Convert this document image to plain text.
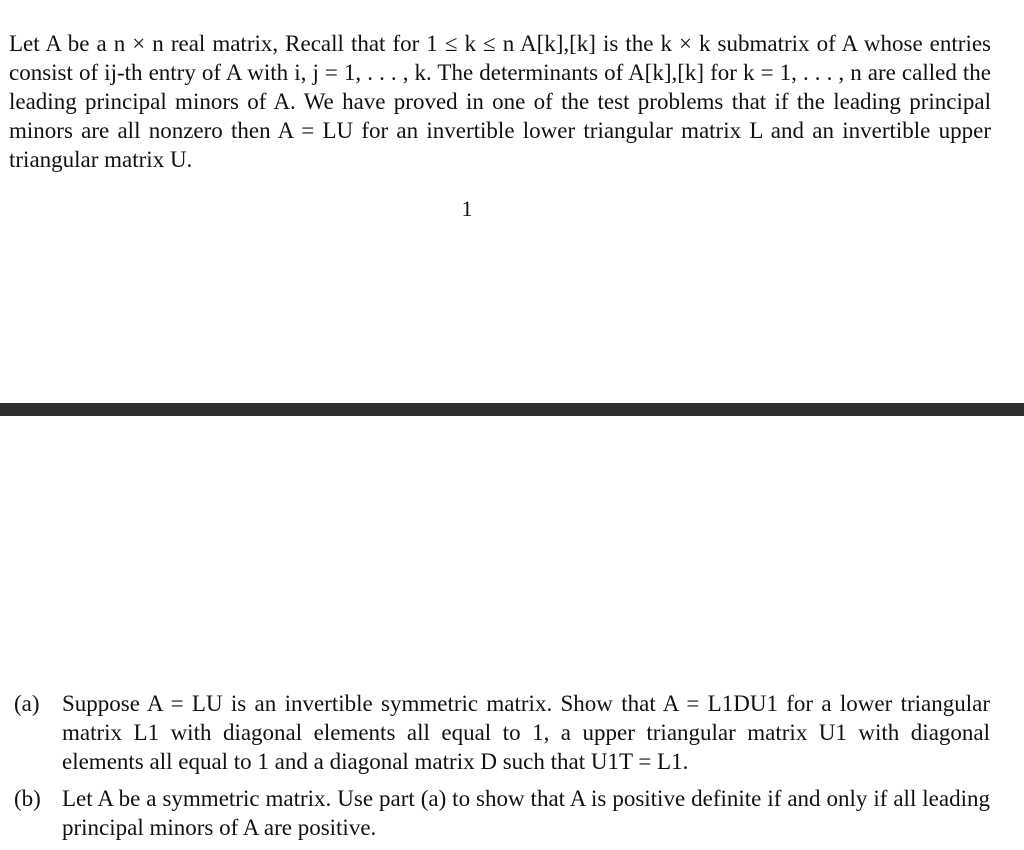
Let A be a n × n real matrix, Recall that for 1 ≤ k ≤ n A[k],[k] is the k × k submatrix of A whose entries consist of ij-th entry of A with i, j = 1, . . . , k. The determinants of A[k],[k] for k = 1, . . . , n are called the leading principal minors of A. We have proved in one of the test problems that if the leading principal minors are all nonzero then A = LU for an invertible lower triangular matrix L and an invertible upper triangular matrix U.

1
(a) Suppose A = LU is an invertible symmetric matrix. Show that A = L1DU1 for a lower triangular matrix L1 with diagonal elements all equal to 1, a upper triangular matrix U1 with diagonal elements all equal to 1 and a diagonal matrix D such that U1T = L1.
(b) Let A be a symmetric matrix. Use part (a) to show that A is positive definite if and only if all leading principal minors of A are positive.
